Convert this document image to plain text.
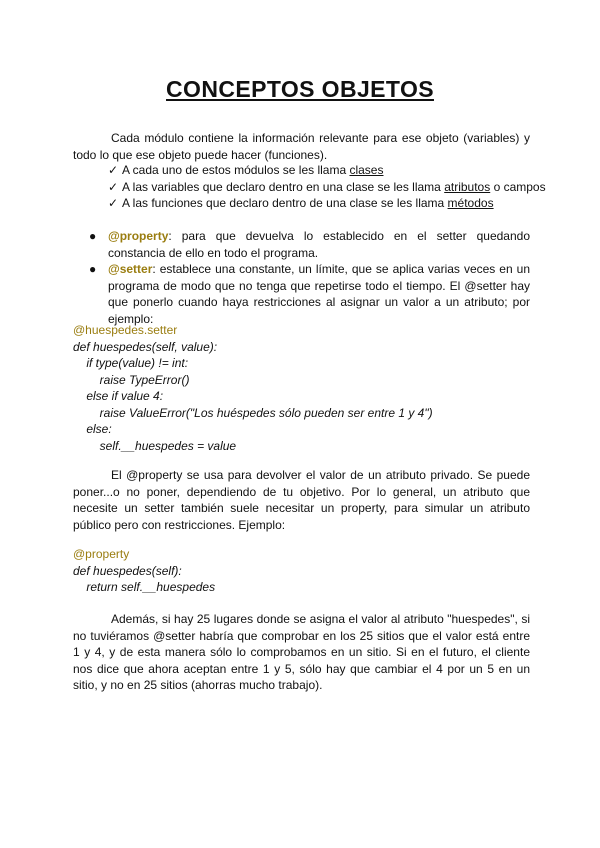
CONCEPTOS OBJETOS

Cada módulo contiene la información relevante para ese objeto (variables) y todo lo que ese objeto puede hacer (funciones).

✓ A cada uno de estos módulos se les llama clases
✓ A las variables que declaro dentro en una clase se les llama atributos o campos
✓ A las funciones que declaro dentro de una clase se les llama métodos
● @property: para que devuelva lo establecido en el setter quedando constancia de ello en todo el programa.
● @setter: establece una constante, un límite, que se aplica varias veces en un programa de modo que no tenga que repetirse todo el tiempo. El @setter hay que ponerlo cuando haya restricciones al asignar un valor a un atributo; por ejemplo:
@huespedes.setter
def huespedes(self, value):
if type(value) != int:
raise TypeError()
else if value 4:
raise ValueError("Los huéspedes sólo pueden ser entre 1 y 4")
else:
self.__huespedes = value

El @property se usa para devolver el valor de un atributo privado. Se puede poner...o no poner, dependiendo de tu objetivo. Por lo general, un atributo que necesite un setter también suele necesitar un property, para simular un atributo público pero con restricciones. Ejemplo:

@property
def huespedes(self):
return self.__huespedes

Además, si hay 25 lugares donde se asigna el valor al atributo "huespedes", si no tuviéramos @setter habría que comprobar en los 25 sitios que el valor está entre 1 y 4, y de esta manera sólo lo comprobamos en un sitio. Si en el futuro, el cliente nos dice que ahora aceptan entre 1 y 5, sólo hay que cambiar el 4 por un 5 en un sitio, y no en 25 sitios (ahorras mucho trabajo).
